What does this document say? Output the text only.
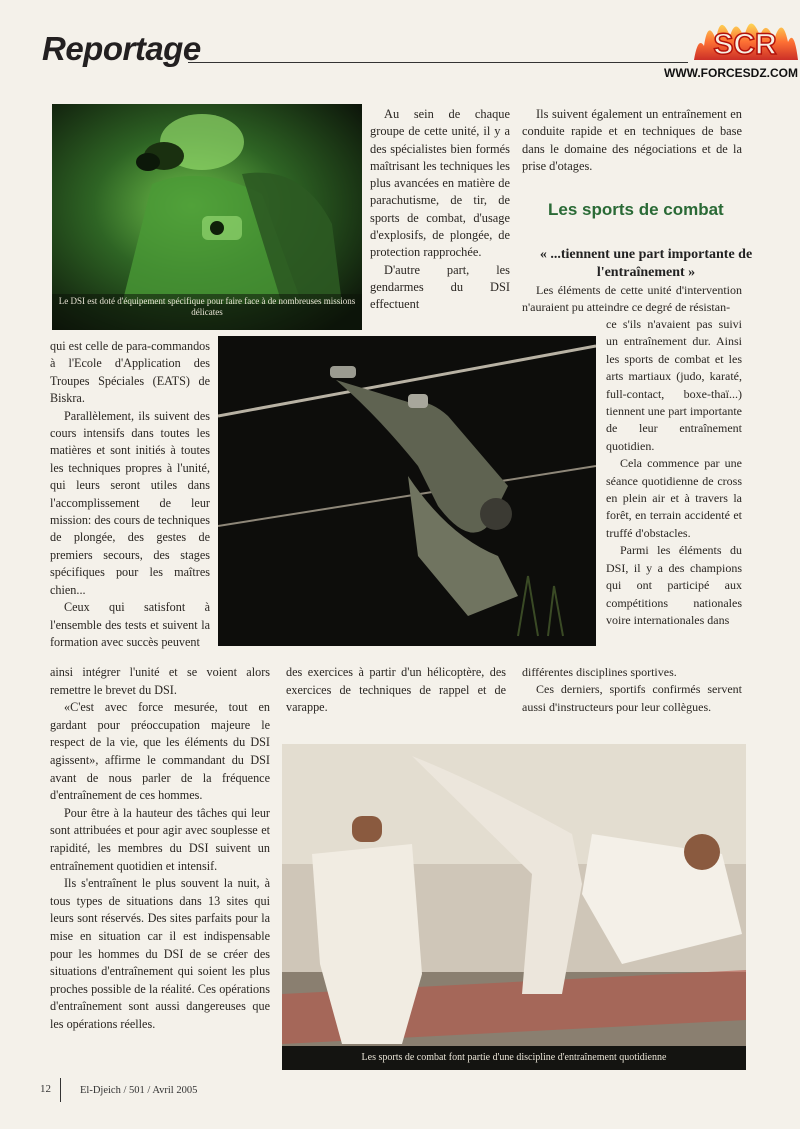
Reportage	SCR
WWW.FORCESDZ.COM
Le DSI est doté d'équipement spécifique pour faire face à de nombreuses missions délicates

Au sein de chaque groupe de cette unité, il y a des spécialistes bien formés maîtrisant les techniques les plus avancées en matière de parachutisme, de tir, de sports de combat, d'usage d'explosifs, de plongée, de protection rapprochée.

D'autre part, les gendarmes du DSI effectuent

Ils suivent également un entraînement en conduite rapide et en techniques de base dans le domaine des négociations et de la prise d'otages.

Les sports de combat
« ...tiennent une part importante de l'entraînement »

Les éléments de cette unité d'intervention n'auraient pu atteindre ce degré de résistan-

ce s'ils n'avaient pas suivi un entraînement dur. Ainsi les sports de combat et les arts martiaux (judo, karaté, full-contact, boxe-thaï...) tiennent une part importante de leur entraînement quotidien.

Cela commence par une séance quotidienne de cross en plein air et à travers la forêt, en terrain accidenté et truffé d'obstacles.

Parmi les éléments du DSI, il y a des champions qui ont participé aux compétitions nationales voire internationales dans

différentes disciplines sportives.

Ces derniers, sportifs confirmés servent aussi d'instructeurs pour leur collègues.

qui est celle de para-commandos à l'Ecole d'Application des Troupes Spéciales (EATS) de Biskra.

Parallèlement, ils suivent des cours intensifs dans toutes les matières et sont initiés à toutes les techniques propres à l'unité, qui leurs seront utiles dans l'accomplissement de leur mission: des cours de techniques de plongée, des gestes de premiers secours, des stages spécifiques pour les maîtres chien...

Ceux qui satisfont à l'ensemble des tests et suivent la formation avec succès peuvent

ainsi intégrer l'unité et se voient alors remettre le brevet du DSI.

«C'est avec force mesurée, tout en gardant pour préoccupation majeure le respect de la vie, que les éléments du DSI agissent», affirme le commandant du DSI avant de nous parler de la fréquence d'entraînement de ces hommes.

Pour être à la hauteur des tâches qui leur sont attribuées et pour agir avec souplesse et rapidité, les membres du DSI suivent un entraînement quotidien et intensif.

Ils s'entraînent le plus souvent la nuit, à tous types de situations dans 13 sites qui leurs sont réservés. Des sites parfaits pour la mise en situation car il est indispensable pour les hommes du DSI de se créer des situations d'entraînement qui soient les plus proches possible de la réalité. Ces opérations d'entraînement sont aussi dangereuses que les opérations réelles.

des exercices à partir d'un hélicoptère, des exercices de techniques de rappel et de varappe.

Les sports de combat font partie d'une discipline d'entraînement quotidienne
12	El-Djeich / 501 / Avril 2005
